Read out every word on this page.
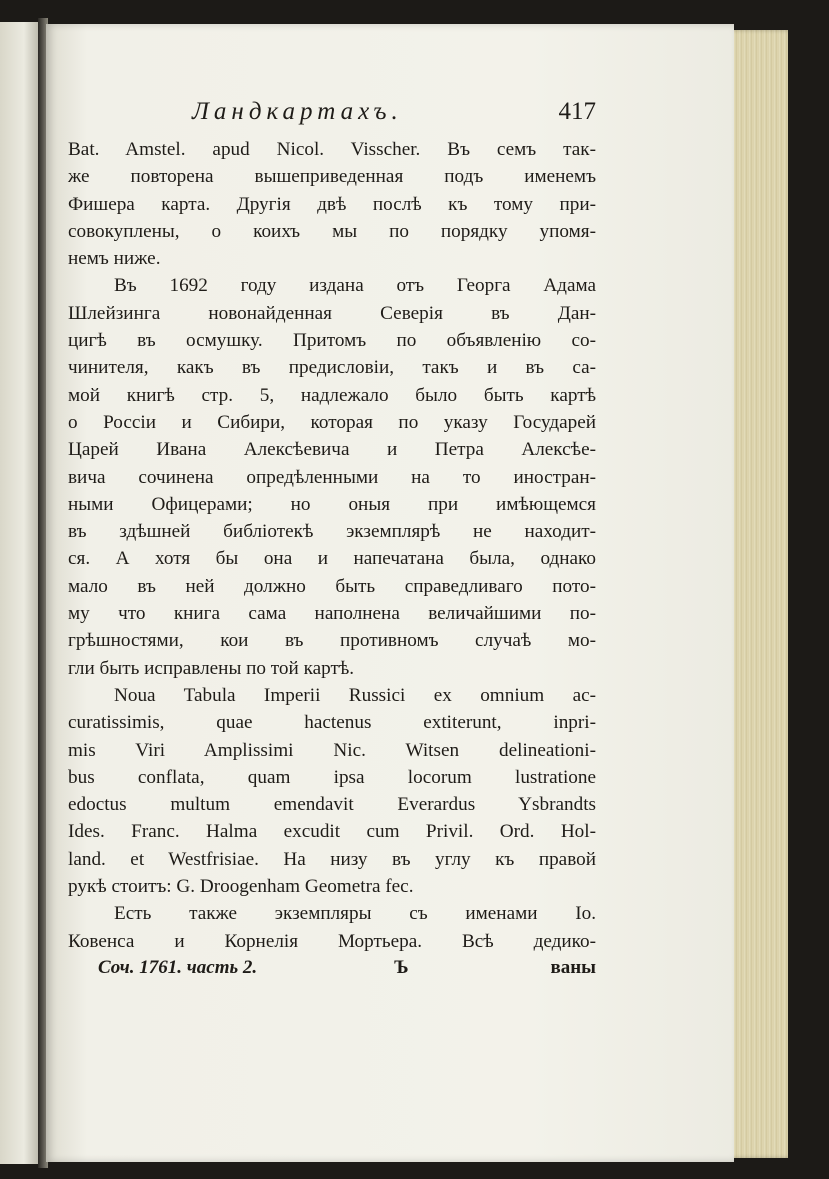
Ландкартахъ.	417
Bat. Amstel. apud Nicol. Visscher. Въ семъ так-
же повторена вышеприведенная подъ именемъ
Фишера карта. Другія двѣ послѣ къ тому при-
совокуплены, о коихъ мы по порядку упомя-
немъ ниже.
Въ 1692 году издана отъ Георга Адама
Шлейзинга новонайденная Северія въ Дан-
цигѣ въ осмушку. Притомъ по объявленію со-
чинителя, какъ въ предисловіи, такъ и въ са-
мой книгѣ стр. 5, надлежало было быть картѣ
о Россіи и Сибири, которая по указу Государей
Царей Ивана Алексѣевича и Петра Алексѣе-
вича сочинена опредѣленными на то иностран-
ными Офицерами; но оныя при имѣющемся
въ здѣшней библіотекѣ экземплярѣ не находит-
ся. А хотя бы она и напечатана была, однако
мало въ ней должно быть справедливаго пото-
му что книга сама наполнена величайшими по-
грѣшностями, кои въ противномъ случаѣ мо-
гли быть исправлены по той картѣ.
Noua Tabula Imperii Russici ex omnium ac-
curatissimis, quae hactenus extiterunt, inpri-
mis Viri Amplissimi Nic. Witsen delineationi-
bus conflata, quam ipsa locorum lustratione
edoctus multum emendavit Everardus Ysbrandts
Ides. Franc. Halma excudit cum Privil. Ord. Hol-
land. et Westfrisiae. На низу въ углу къ правой
рукѣ стоитъ: G. Droogenham Geometra fec.
Есть также экземпляры съ именами Іо.
Ковенса и Корнелія Мортьера. Всѣ дедико-
Соч. 1761. часть 2.	Ъ	ваны
